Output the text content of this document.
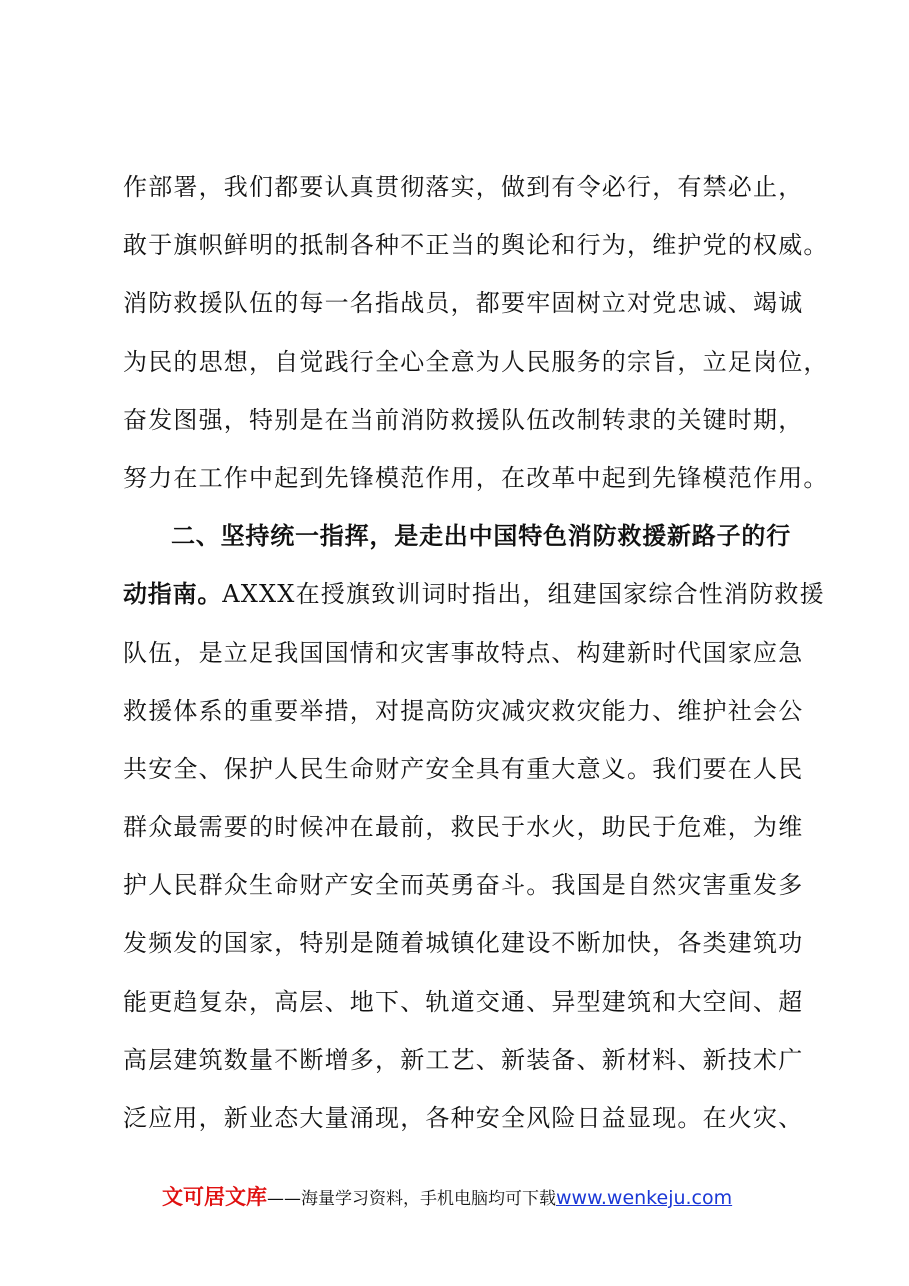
作部署，我们都要认真贯彻落实，做到有令必行，有禁必止，
敢于旗帜鲜明的抵制各种不正当的舆论和行为，维护党的权威。
消防救援队伍的每一名指战员，都要牢固树立对党忠诚、竭诚
为民的思想，自觉践行全心全意为人民服务的宗旨，立足岗位，
奋发图强，特别是在当前消防救援队伍改制转隶的关键时期，
努力在工作中起到先锋模范作用，在改革中起到先锋模范作用。
二、坚持统一指挥，是走出中国特色消防救援新路子的行
动指南。AXXX在授旗致训词时指出，组建国家综合性消防救援
队伍，是立足我国国情和灾害事故特点、构建新时代国家应急
救援体系的重要举措，对提高防灾减灾救灾能力、维护社会公
共安全、保护人民生命财产安全具有重大意义。我们要在人民
群众最需要的时候冲在最前，救民于水火，助民于危难，为维
护人民群众生命财产安全而英勇奋斗。我国是自然灾害重发多
发频发的国家，特别是随着城镇化建设不断加快，各类建筑功
能更趋复杂，高层、地下、轨道交通、异型建筑和大空间、超
高层建筑数量不断增多，新工艺、新装备、新材料、新技术广
泛应用，新业态大量涌现，各种安全风险日益显现。在火灾、
文可居文库——海量学习资料，手机电脑均可下载www.wenkeju.com
